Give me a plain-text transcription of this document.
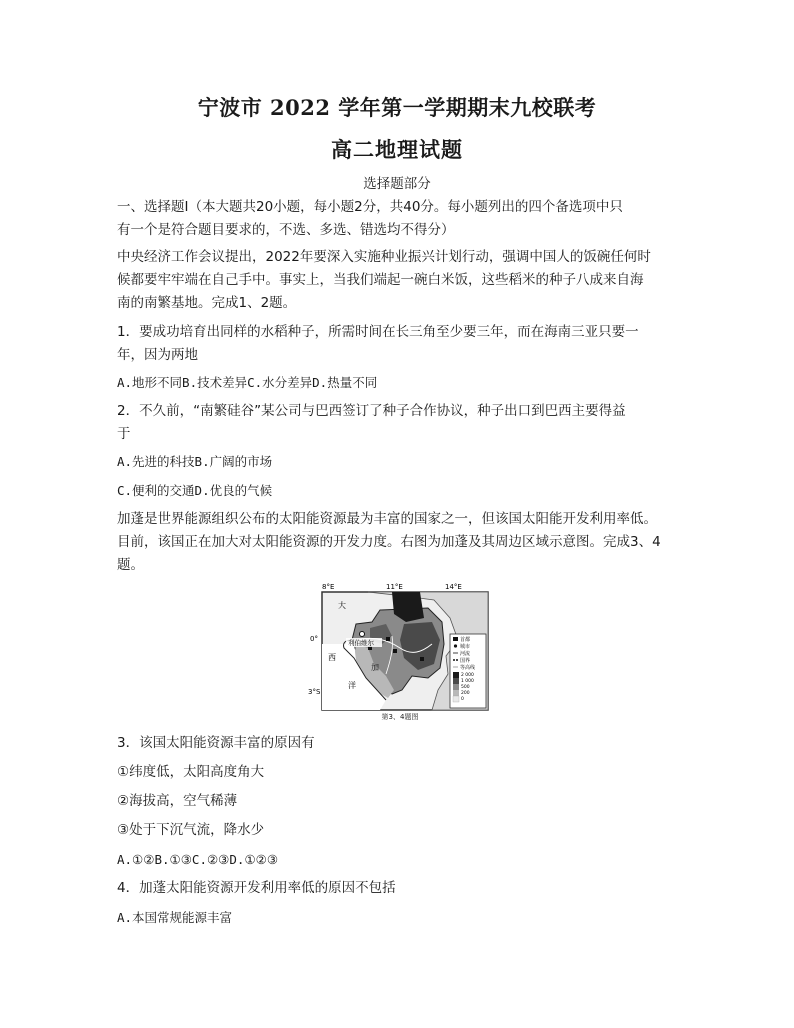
宁波市 2022 学年第一学期期末九校联考
高二地理试题
选择题部分
一、选择题Ⅰ（本大题共20小题，每小题2分，共40分。每小题列出的四个备选项中只
有一个是符合题目要求的，不选、多选、错选均不得分）
中央经济工作会议提出，2022年要深入实施种业振兴计划行动，强调中国人的饭碗任何时
候都要牢牢端在自己手中。事实上，当我们端起一碗白米饭，这些稻米的种子八成来自海
南的南繁基地。完成1、2题。
1．要成功培育出同样的水稻种子，所需时间在长三角至少要三年，而在海南三亚只要一
年，因为两地
A.地形不同B.技术差异C.水分差异D.热量不同
2．不久前，“南繁硅谷”某公司与巴西签订了种子合作协议，种子出口到巴西主要得益
于
A.先进的科技B.广阔的市场
C.便利的交通D.优良的气候
加蓬是世界能源组织公布的太阳能资源最为丰富的国家之一，但该国太阳能开发利用率低。
目前，该国正在加大对太阳能资源的开发力度。右图为加蓬及其周边区域示意图。完成3、4
题。
8°E	11°E	14°E
0°
3°S
利伯维尔
大
西
洋
加
首都
城市
河流
国界
等高线
2 000
1 000
500
200
0
第3、4题图
3．该国太阳能资源丰富的原因有
①纬度低，太阳高度角大
②海拔高，空气稀薄
③处于下沉气流，降水少
A.①②B.①③C.②③D.①②③
4．加蓬太阳能资源开发利用率低的原因不包括
A.本国常规能源丰富
